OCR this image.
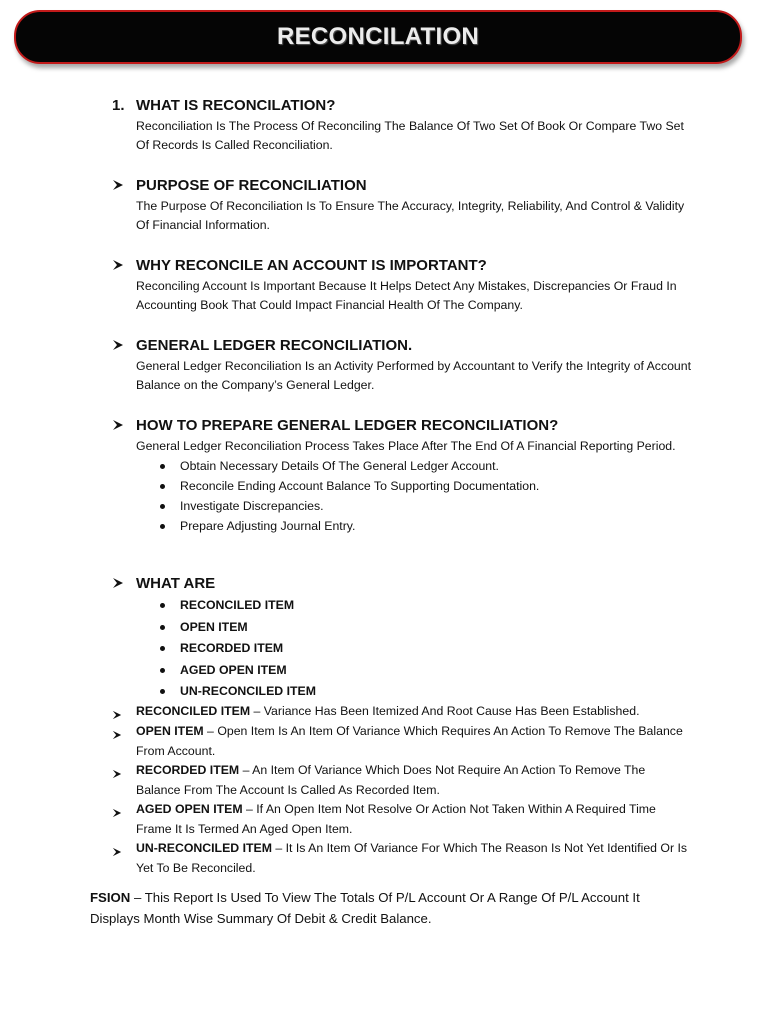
RECONCILATION
1. WHAT IS RECONCILATION?
Reconciliation Is The Process Of Reconciling The Balance Of Two Set Of Book Or Compare Two Set Of Records Is Called Reconciliation.
PURPOSE OF RECONCILIATION
The Purpose Of Reconciliation Is To Ensure The Accuracy, Integrity, Reliability, And Control & Validity Of Financial Information.
WHY RECONCILE AN ACCOUNT IS IMPORTANT?
Reconciling Account Is Important Because It Helps Detect Any Mistakes, Discrepancies Or Fraud In Accounting Book That Could Impact Financial Health Of The Company.
GENERAL LEDGER RECONCILIATION.
General Ledger Reconciliation Is an Activity Performed by Accountant to Verify the Integrity of Account Balance on the Company’s General Ledger.
HOW TO PREPARE GENERAL LEDGER RECONCILIATION?
General Ledger Reconciliation Process Takes Place After The End Of A Financial Reporting Period.
Obtain Necessary Details Of The General Ledger Account.
Reconcile Ending Account Balance To Supporting Documentation.
Investigate Discrepancies.
Prepare Adjusting Journal Entry.
WHAT ARE
RECONCILED ITEM
OPEN ITEM
RECORDED ITEM
AGED OPEN ITEM
UN-RECONCILED ITEM
RECONCILED ITEM – Variance Has Been Itemized And Root Cause Has Been Established.
OPEN ITEM – Open Item Is An Item Of Variance Which Requires An Action To Remove The Balance From Account.
RECORDED ITEM – An Item Of Variance Which Does Not Require An Action To Remove The Balance From The Account Is Called As Recorded Item.
AGED OPEN ITEM – If An Open Item Not Resolve Or Action Not Taken Within A Required Time Frame It Is Termed An Aged Open Item.
UN-RECONCILED ITEM – It Is An Item Of Variance For Which The Reason Is Not Yet Identified Or Is Yet To Be Reconciled.
FSION – This Report Is Used To View The Totals Of P/L Account Or A Range Of P/L Account It Displays Month Wise Summary Of Debit & Credit Balance.
